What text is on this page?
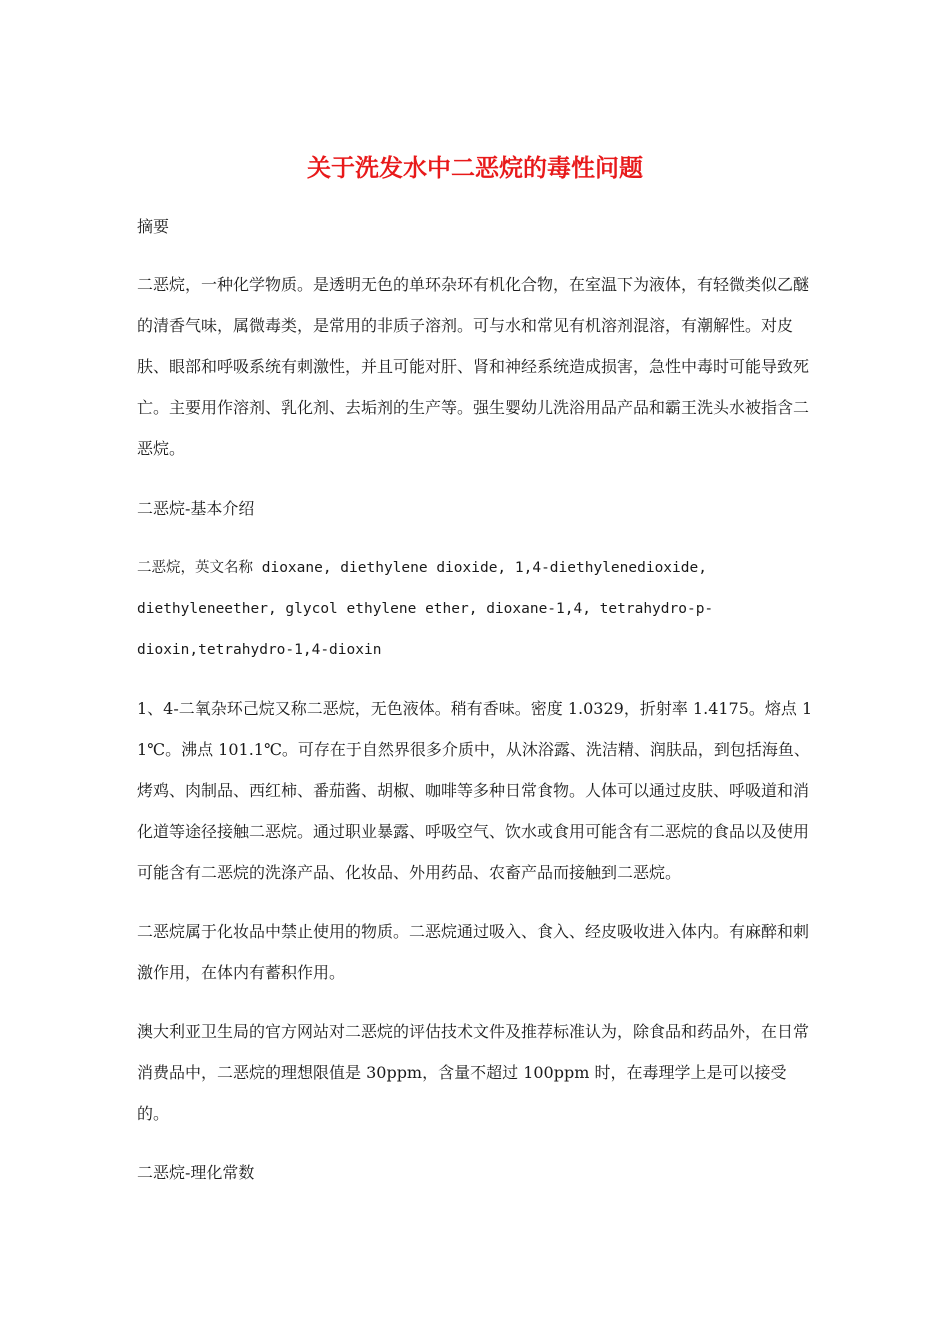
关于洗发水中二恶烷的毒性问题

摘要

二恶烷，一种化学物质。是透明无色的单环杂环有机化合物，在室温下为液体，有轻微类似乙醚的清香气味，属微毒类，是常用的非质子溶剂。可与水和常见有机溶剂混溶，有潮解性。对皮肤、眼部和呼吸系统有刺激性，并且可能对肝、肾和神经系统造成损害，急性中毒时可能导致死亡。主要用作溶剂、乳化剂、去垢剂的生产等。强生婴幼儿洗浴用品产品和霸王洗头水被指含二恶烷。

二恶烷-基本介绍

二恶烷，英文名称 dioxane, diethylene dioxide, 1,4-diethylenedioxide,
diethyleneether, glycol ethylene ether, dioxane-1,4, tetrahydro-p-
dioxin,tetrahydro-1,4-dioxin

1、4-二氧杂环己烷又称二恶烷，无色液体。稍有香味。密度 1.0329，折射率 1.4175。熔点 11℃。沸点 101.1℃。可存在于自然界很多介质中，从沐浴露、洗洁精、润肤品，到包括海鱼、烤鸡、肉制品、西红柿、番茄酱、胡椒、咖啡等多种日常食物。人体可以通过皮肤、呼吸道和消化道等途径接触二恶烷。通过职业暴露、呼吸空气、饮水或食用可能含有二恶烷的食品以及使用可能含有二恶烷的洗涤产品、化妆品、外用药品、农畜产品而接触到二恶烷。

二恶烷属于化妆品中禁止使用的物质。二恶烷通过吸入、食入、经皮吸收进入体内。有麻醉和刺激作用，在体内有蓄积作用。

澳大利亚卫生局的官方网站对二恶烷的评估技术文件及推荐标准认为，除食品和药品外，在日常消费品中，二恶烷的理想限值是 30ppm，含量不超过 100ppm 时，在毒理学上是可以接受的。

二恶烷-理化常数
